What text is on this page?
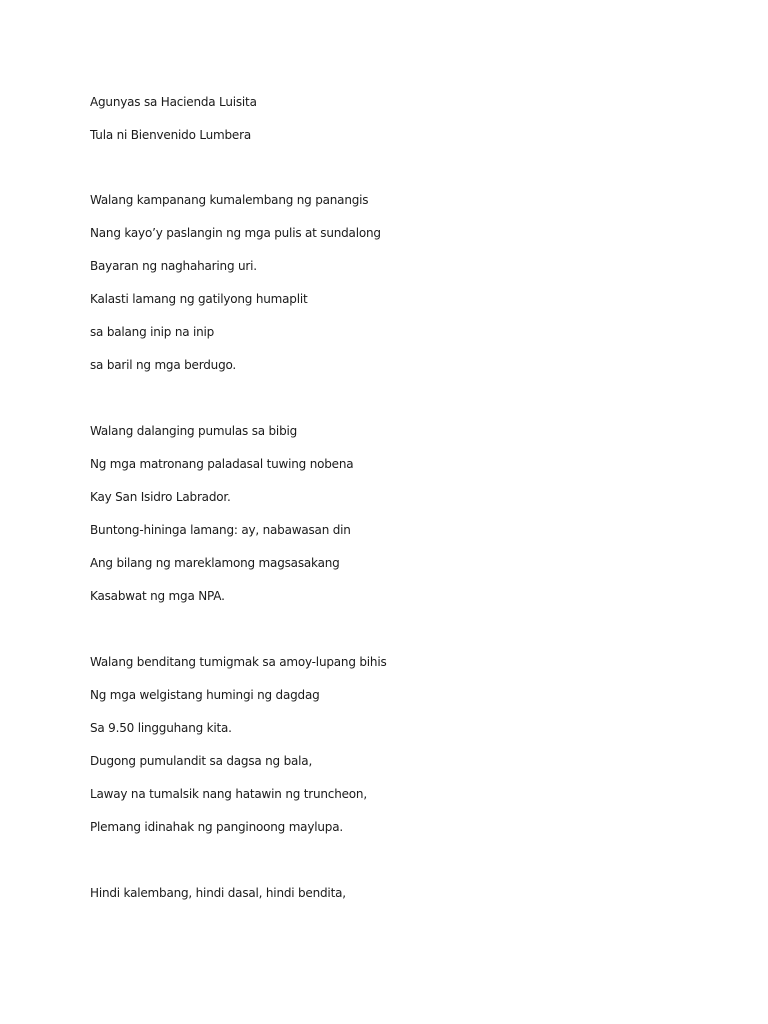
Agunyas sa Hacienda Luisita
Tula ni Bienvenido Lumbera
Walang kampanang kumalembang ng panangis
Nang kayo’y paslangin ng mga pulis at sundalong
Bayaran ng naghaharing uri.
Kalasti lamang ng gatilyong humaplit
sa balang inip na inip
sa baril ng mga berdugo.
Walang dalanging pumulas sa bibig
Ng mga matronang paladasal tuwing nobena
Kay San Isidro Labrador.
Buntong-hininga lamang: ay, nabawasan din
Ang bilang ng mareklamong magsasakang
Kasabwat ng mga NPA.
Walang benditang tumigmak sa amoy-lupang bihis
Ng mga welgistang humingi ng dagdag
Sa 9.50 lingguhang kita.
Dugong pumulandit sa dagsa ng bala,
Laway na tumalsik nang hatawin ng truncheon,
Plemang idinahak ng panginoong maylupa.
Hindi kalembang, hindi dasal, hindi bendita,
